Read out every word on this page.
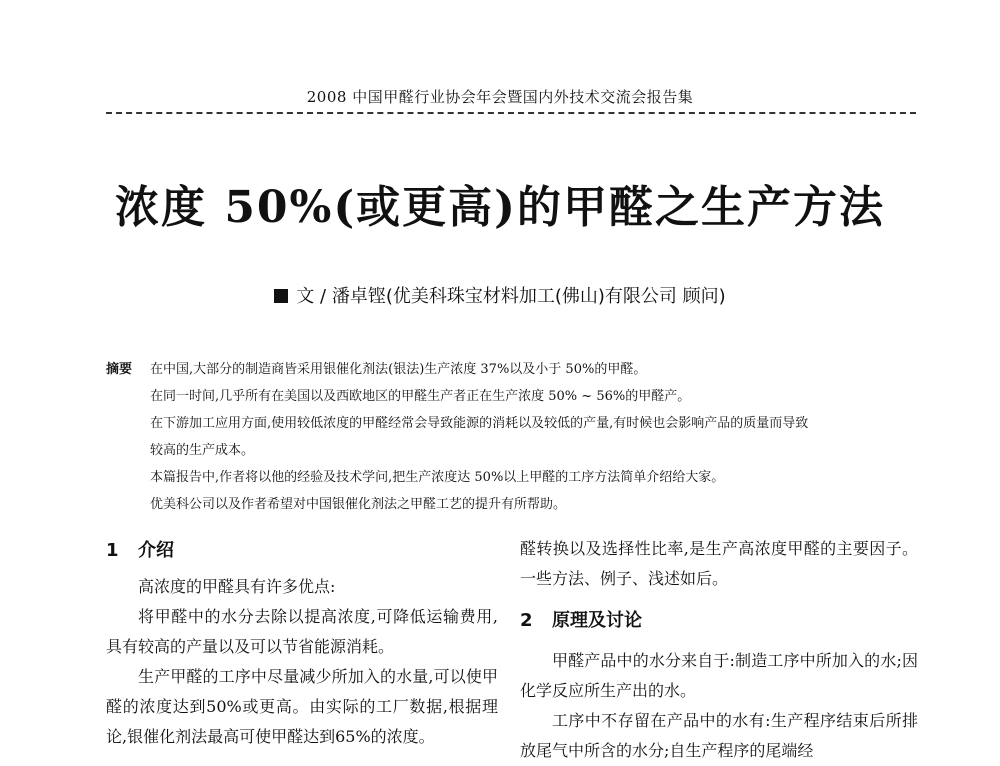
2008 中国甲醛行业协会年会暨国内外技术交流会报告集
浓度 50%(或更高)的甲醛之生产方法
文 / 潘卓铿(优美科珠宝材料加工(佛山)有限公司 顾问)
摘要 在中国,大部分的制造商皆采用银催化剂法(银法)生产浓度 37%以及小于 50%的甲醛。
在同一时间,几乎所有在美国以及西欧地区的甲醛生产者正在生产浓度 50% ~ 56%的甲醛产。
在下游加工应用方面,使用较低浓度的甲醛经常会导致能源的消耗以及较低的产量,有时候也会影响产品的质量而导致
较高的生产成本。
本篇报告中,作者将以他的经验及技术学问,把生产浓度达 50%以上甲醛的工序方法简单介绍给大家。
优美科公司以及作者希望对中国银催化剂法之甲醛工艺的提升有所帮助。
1 介绍
高浓度的甲醛具有许多优点:
将甲醛中的水分去除以提高浓度,可降低运输费用,具有较高的产量以及可以节省能源消耗。
生产甲醛的工序中尽量减少所加入的水量,可以使甲醛的浓度达到50%或更高。由实际的工厂数据,根据理论,银催化剂法最高可使甲醛达到65%的浓度。
醛转换以及选择性比率,是生产高浓度甲醛的主要因子。一些方法、例子、浅述如后。
2 原理及讨论
甲醛产品中的水分来自于:制造工序中所加入的水;因化学反应所生产出的水。
工序中不存留在产品中的水有:生产程序结束后所排放尾气中所含的水分;自生产程序的尾端经
